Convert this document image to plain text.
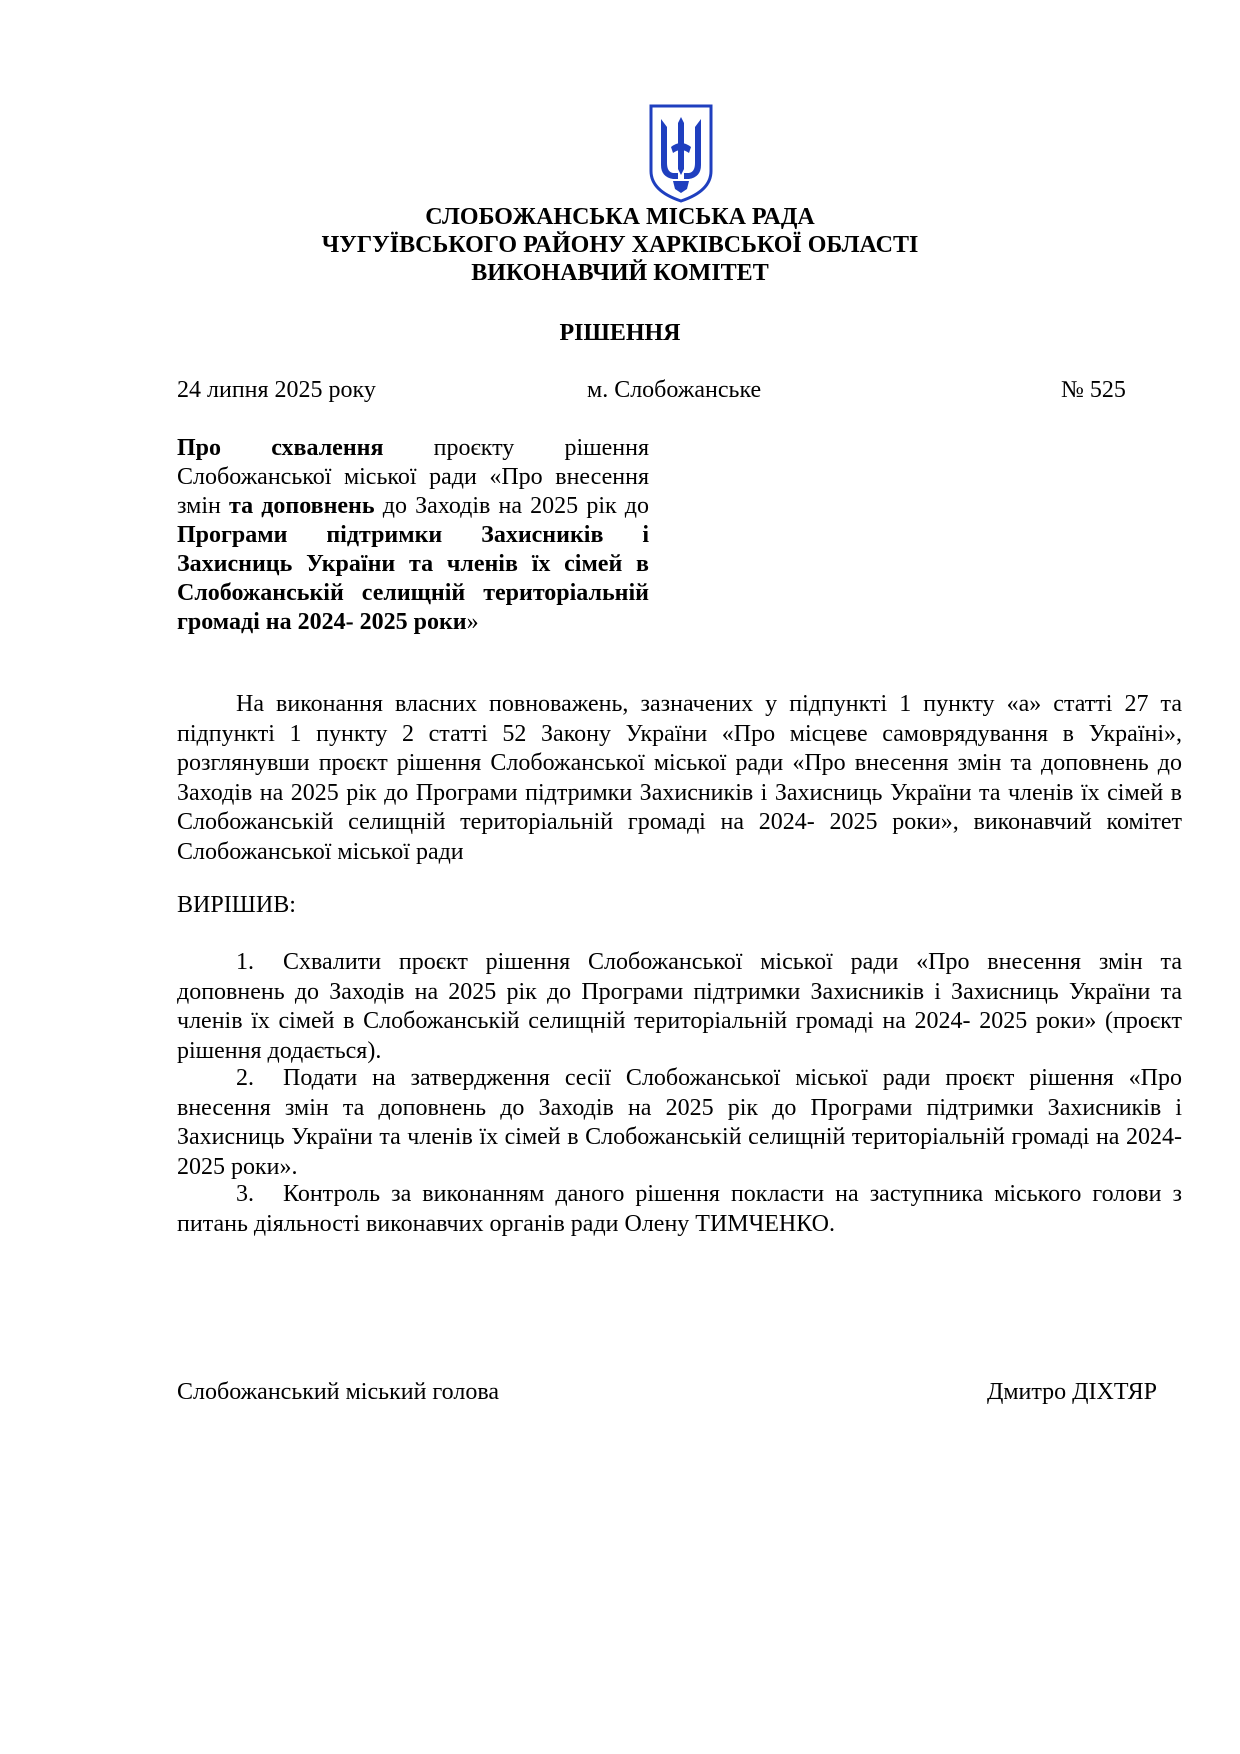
СЛОБОЖАНСЬКА МІСЬКА РАДА
ЧУГУЇВСЬКОГО РАЙОНУ ХАРКІВСЬКОЇ ОБЛАСТІ
ВИКОНАВЧИЙ КОМІТЕТ
РІШЕННЯ
24 липня 2025 року	м. Слобожанське	№ 525
Про схвалення проєкту рішення Слобожанської міської ради «Про внесення змін та доповнень до Заходів на 2025 рік до Програми підтримки Захисників і Захисниць України та членів їх сімей в Слобожанській селищній територіальній громаді на 2024- 2025 роки»
На виконання власних повноважень, зазначених у підпункті 1 пункту «а» статті 27 та підпункті 1 пункту 2 статті 52 Закону України «Про місцеве самоврядування в Україні», розглянувши проєкт рішення Слобожанської міської ради «Про внесення змін та доповнень до Заходів на 2025 рік до Програми підтримки Захисників і Захисниць України та членів їх сімей в Слобожанській селищній територіальній громаді на 2024- 2025 роки», виконавчий комітет Слобожанської міської ради
ВИРІШИВ:
1. Схвалити проєкт рішення Слобожанської міської ради «Про внесення змін та доповнень до Заходів на 2025 рік до Програми підтримки Захисників і Захисниць України та членів їх сімей в Слобожанській селищній територіальній громаді на 2024- 2025 роки» (проєкт рішення додається).
2. Подати на затвердження сесії Слобожанської міської ради проєкт рішення «Про внесення змін та доповнень до Заходів на 2025 рік до Програми підтримки Захисників і Захисниць України та членів їх сімей в Слобожанській селищній територіальній громаді на 2024- 2025 роки».
3. Контроль за виконанням даного рішення покласти на заступника міського голови з питань діяльності виконавчих органів ради Олену ТИМЧЕНКО.
Слобожанський міський голова	Дмитро ДІХТЯР
